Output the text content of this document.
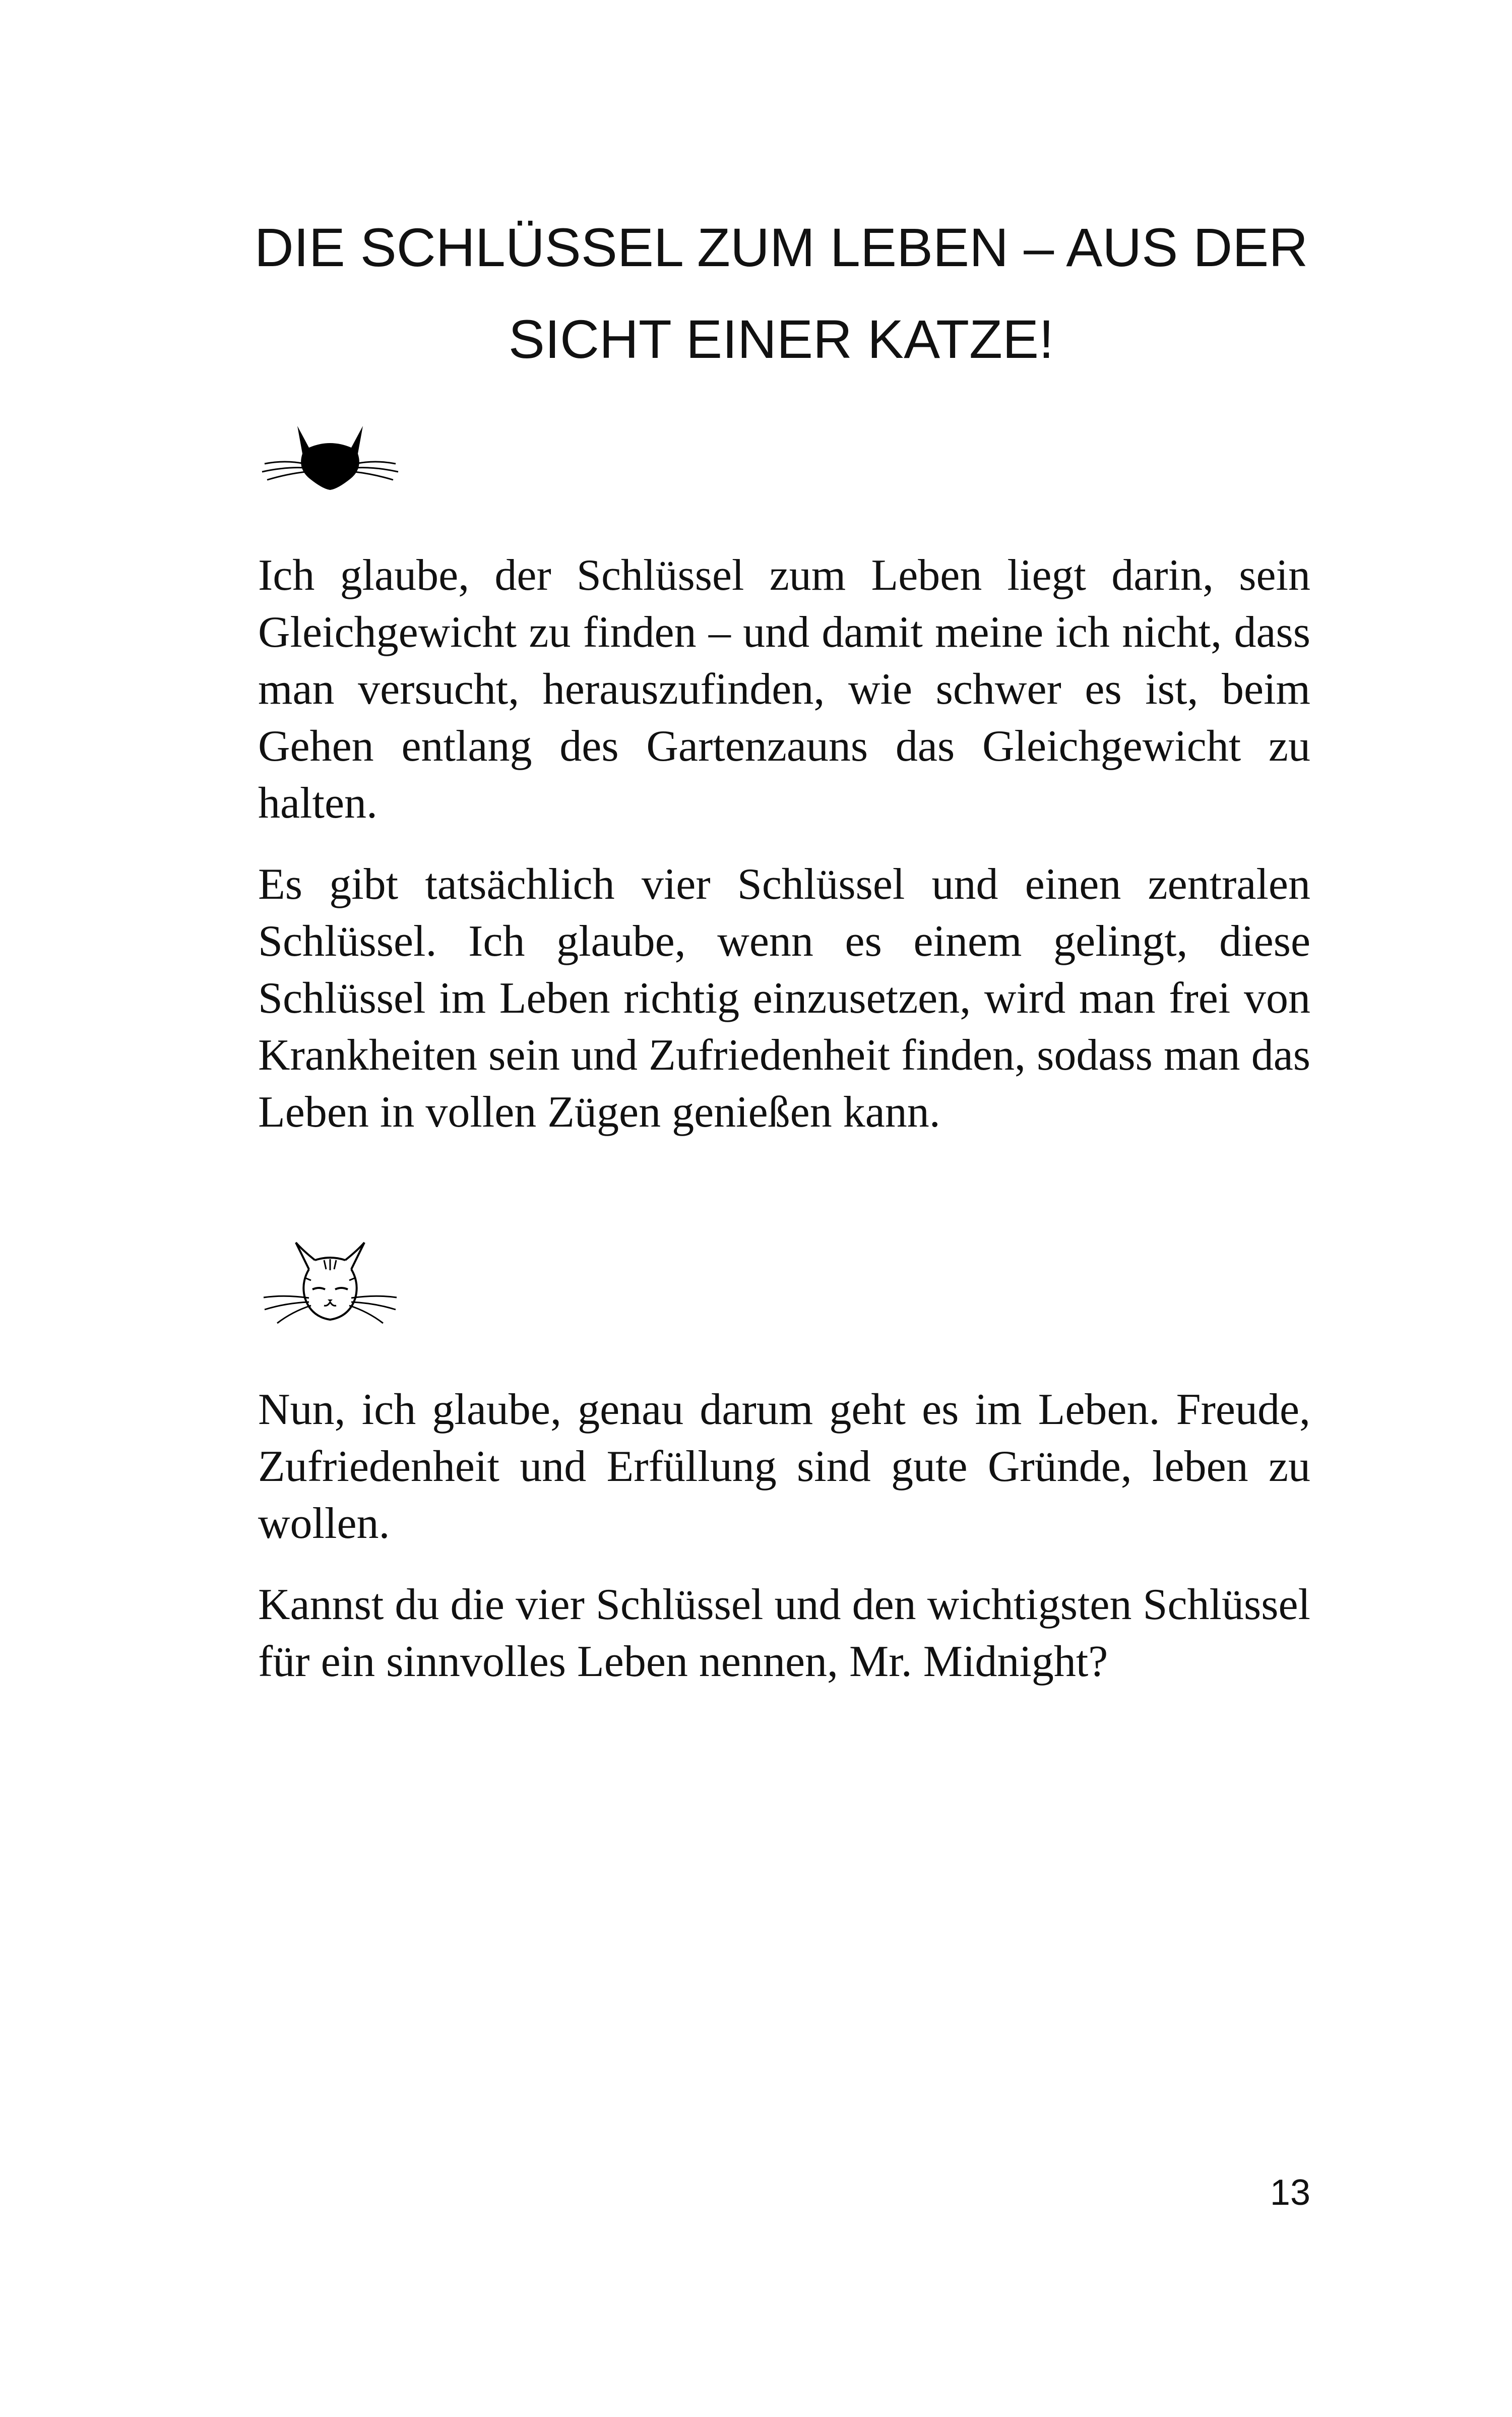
DIE SCHLÜSSEL ZUM LEBEN – AUS DER SICHT EINER KATZE!

Ich glaube, der Schlüssel zum Leben liegt darin, sein Gleichgewicht zu finden – und damit meine ich nicht, dass man versucht, herauszufinden, wie schwer es ist, beim Gehen entlang des Gartenzauns das Gleichgewicht zu halten.

Es gibt tatsächlich vier Schlüssel und einen zentralen Schlüssel. Ich glaube, wenn es einem gelingt, diese Schlüssel im Leben richtig einzusetzen, wird man frei von Krankheiten sein und Zufriedenheit finden, sodass man das Leben in vollen Zügen genießen kann.

Nun, ich glaube, genau darum geht es im Leben. Freude, Zufriedenheit und Erfüllung sind gute Gründe, leben zu wollen.

Kannst du die vier Schlüssel und den wichtigsten Schlüssel für ein sinnvolles Leben nennen, Mr. Midnight?

13
